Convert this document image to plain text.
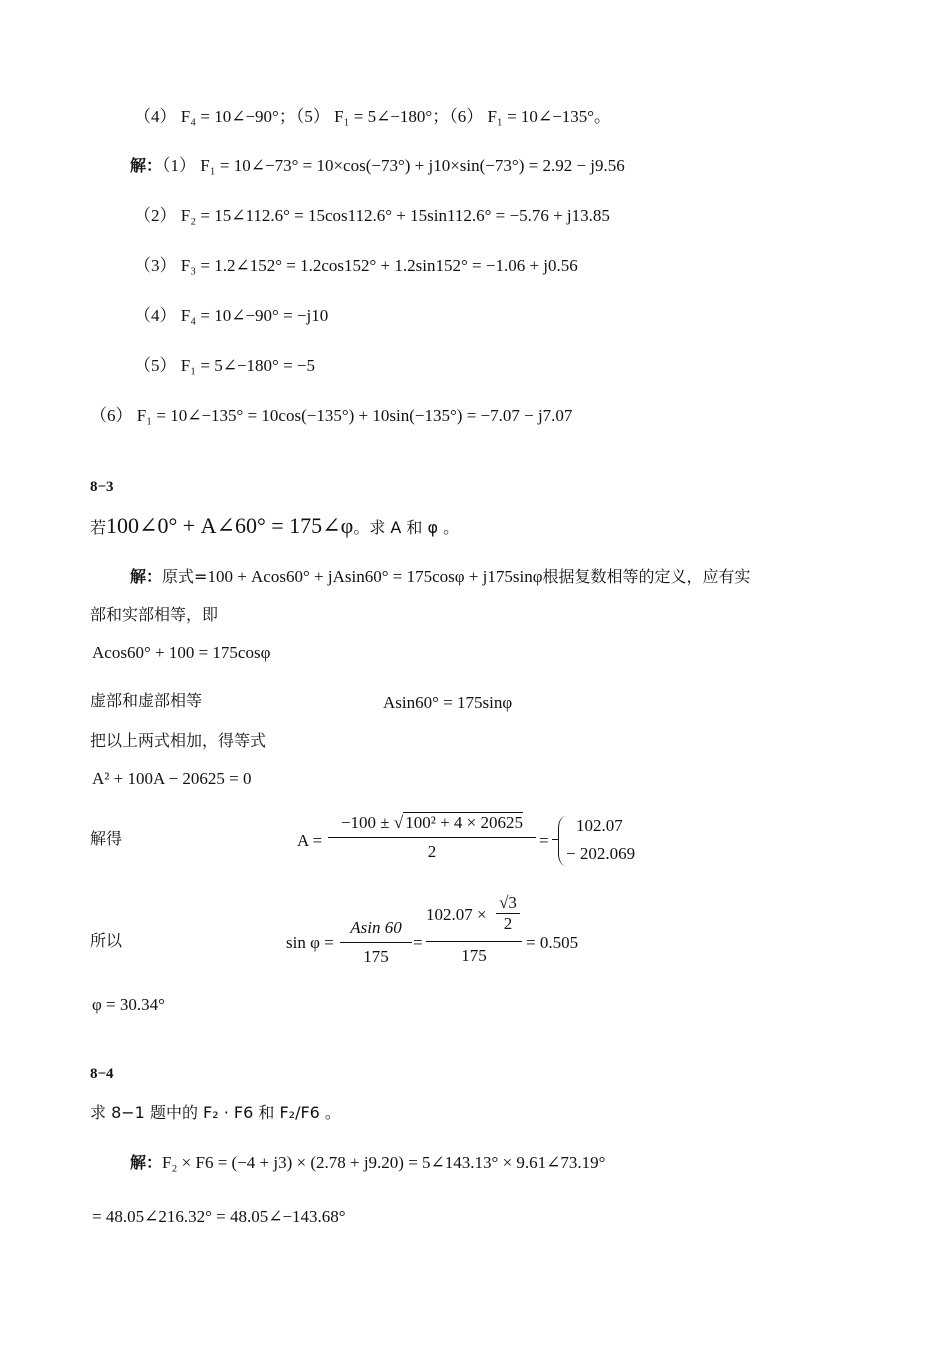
（4） F₄ = 10∠−90°；（5） F₁ = 5∠−180°；（6） F₁ = 10∠−135°。
解：（1） F₁ = 10∠−73° = 10×cos(−73°) + j10×sin(−73°) = 2.92 − j9.56
（2） F₂ = 15∠112.6° = 15cos112.6° + 15sin112.6° = −5.76 + j13.85
（3） F₃ = 1.2∠152° = 1.2cos152° + 1.2sin152° = −1.06 + j0.56
（4） F₄ = 10∠−90° = −j10
（5） F₁ = 5∠−180° = −5
（6） F₁ = 10∠−135° = 10cos(−135°) + 10sin(−135°) = −7.07 − j7.07
8−3
若100∠0° + A∠60° = 175∠φ。求 A 和 φ 。
解：原式=100 + Acos60° + jAsin60° = 175cosφ + j175sinφ根据复数相等的定义，应有实
部和实部相等，即
Acos60° + 100 = 175cosφ
虚部和虚部相等	Asin60° = 175sinφ
把以上两式相加，得等式
A² + 100A − 20625 = 0
解得	$A = \frac{\text{−100 ± √ 100² + 4 × 20625}}{2}$ =
102.07
− 202.069
所以	$\sin \varphi = \frac{Asin 60}{175} = \frac{102.07 \times \frac{√3}{2}}{175} = 0.505$
φ = 30.34°
8−4
求 8−1 题中的 F₂ · F6 和 F₂/F6 。
解：F₂ × F6 = (−4 + j3) × (2.78 + j9.20) = 5∠143.13° × 9.61∠73.19°
= 48.05∠216.32° = 48.05∠−143.68°
